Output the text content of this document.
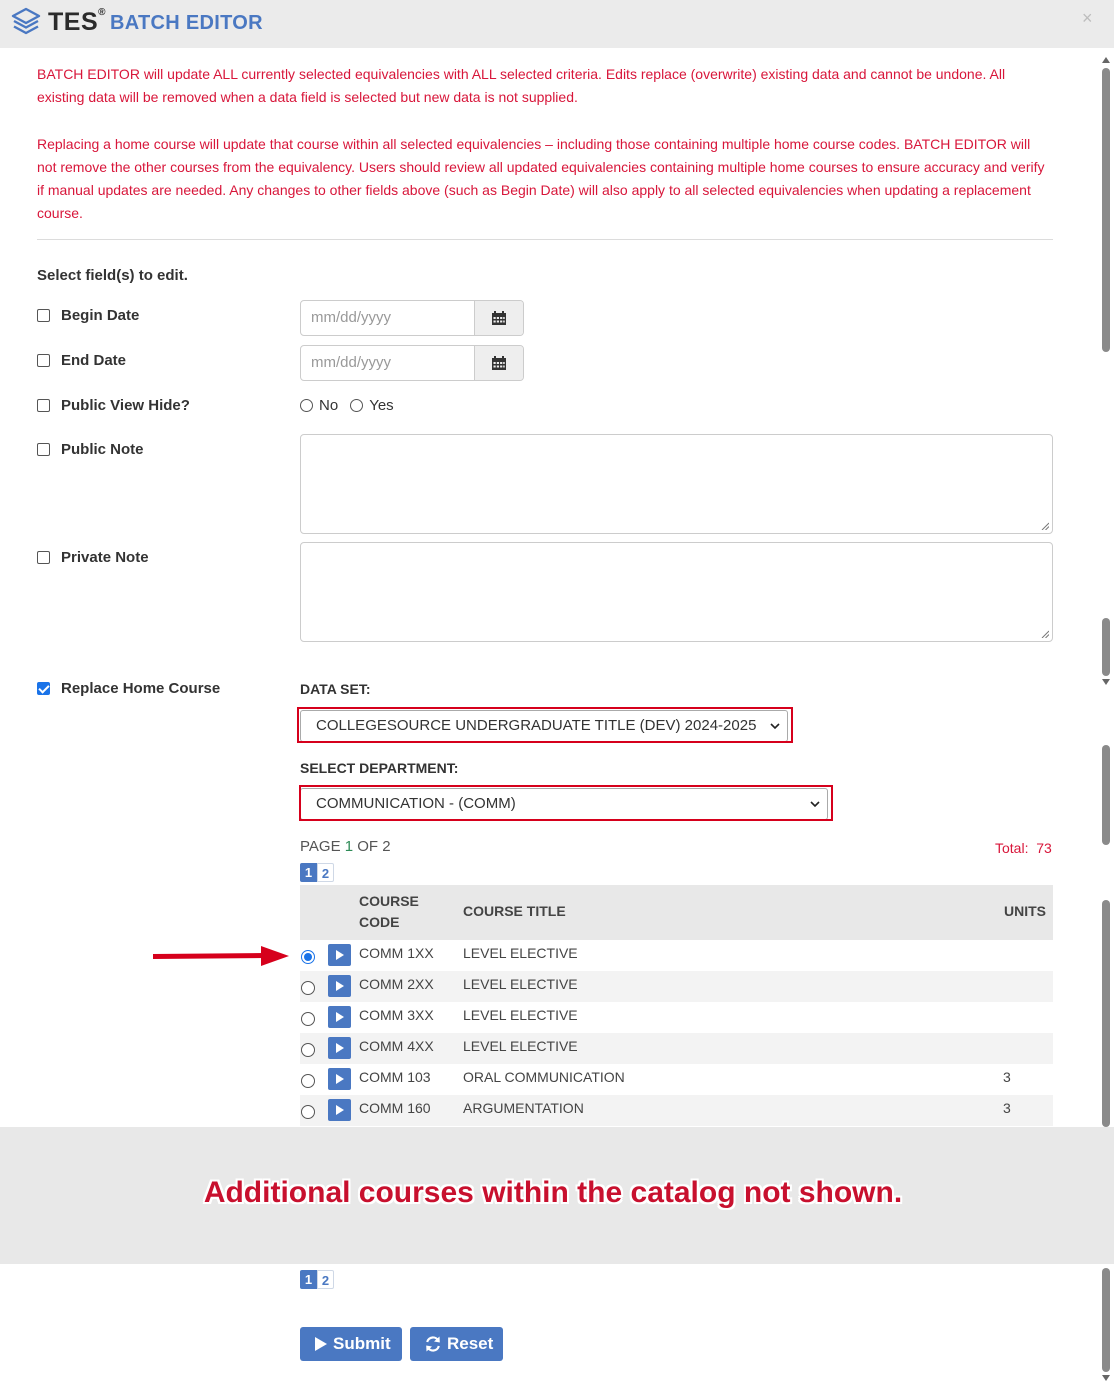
TES® BATCH EDITOR	×
BATCH EDITOR will update ALL currently selected equivalencies with ALL selected criteria. Edits replace (overwrite) existing data and cannot be undone. All existing data will be removed when a data field is selected but new data is not supplied.
Replacing a home course will update that course within all selected equivalencies – including those containing multiple home course codes. BATCH EDITOR will not remove the other courses from the equivalency. Users should review all updated equivalencies containing multiple home courses to ensure accuracy and verify if manual updates are needed. Any changes to other fields above (such as Begin Date) will also apply to all selected equivalencies when updating a replacement course.
Select field(s) to edit.
Begin Date	mm/dd/yyyy
End Date	mm/dd/yyyy
Public View Hide?	No Yes
Public Note
Private Note
Replace Home Course	DATA SET:
COLLEGESOURCE UNDERGRADUATE TITLE (DEV) 2024-2025
SELECT DEPARTMENT:
COMMUNICATION - (COMM)
PAGE 1 OF 2	Total: 73
1 2
COURSE
CODE
COURSE TITLE	UNITS
COMM 1XX LEVEL ELECTIVE
COMM 2XX LEVEL ELECTIVE
COMM 3XX LEVEL ELECTIVE
COMM 4XX LEVEL ELECTIVE
COMM 103 ORAL COMMUNICATION	3
COMM 160 ARGUMENTATION	3
Additional courses within the catalog not shown.
1 2
Submit	Reset
